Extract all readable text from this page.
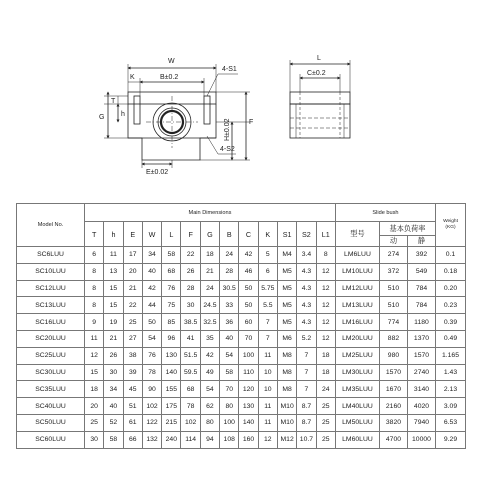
W
K	B±0.2
4-S1
T
h
G
H±0.02	F
E±0.02
4-S2
L
C±0.2
Model No.	Main Dimensions													Slide bush			Weight
(KG)

	T	h	E	W	L	F	G	B	C	K	S1	S2	L1	型号	基本负荷率		
															动	静	
SC6LUU	6	11	17	34	58	22	18	24	42	5	M4	3.4	8	LM6LUU	274	392	0.1
SC10LUU	8	13	20	40	68	26	21	28	46	6	M5	4.3	12	LM10LUU	372	549	0.18
SC12LUU	8	15	21	42	76	28	24	30.5	50	5.75	M5	4.3	12	LM12LUU	510	784	0.20
SC13LUU	8	15	22	44	75	30	24.5	33	50	5.5	M5	4.3	12	LM13LUU	510	784	0.23
SC16LUU	9	19	25	50	85	38.5	32.5	36	60	7	M5	4.3	12	LM16LUU	774	1180	0.39
SC20LUU	11	21	27	54	96	41	35	40	70	7	M6	5.2	12	LM20LUU	882	1370	0.49
SC25LUU	12	26	38	76	130	51.5	42	54	100	11	M8	7	18	LM25LUU	980	1570	1.165
SC30LUU	15	30	39	78	140	59.5	49	58	110	10	M8	7	18	LM30LUU	1570	2740	1.43
SC35LUU	18	34	45	90	155	68	54	70	120	10	M8	7	24	LM35LUU	1670	3140	2.13
SC40LUU	20	40	51	102	175	78	62	80	130	11	M10	8.7	25	LM40LUU	2160	4020	3.09
SC50LUU	25	52	61	122	215	102	80	100	140	11	M10	8.7	25	LM50LUU	3820	7940	6.53
SC60LUU	30	58	66	132	240	114	94	108	160	12	M12	10.7	25	LM60LUU	4700	10000	9.29
